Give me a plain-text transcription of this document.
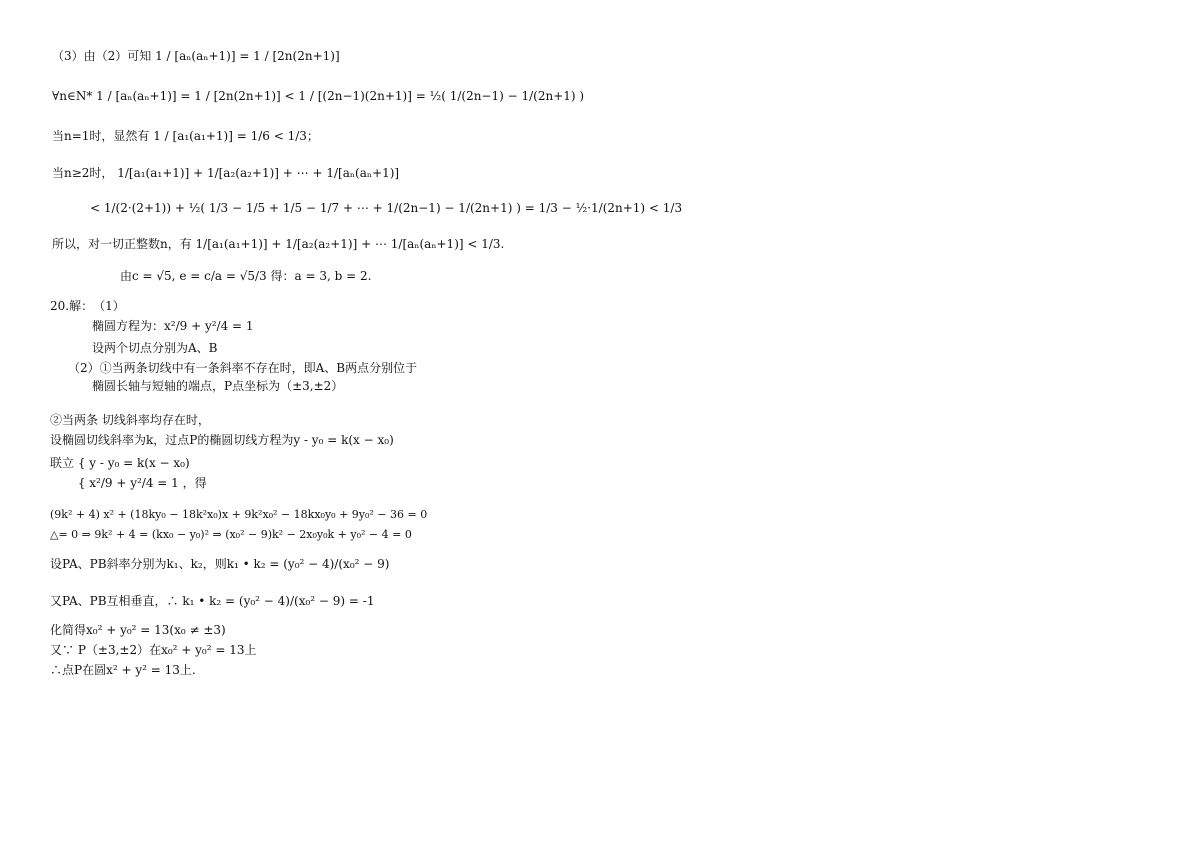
（3）由（2）可知 1 / [aₙ(aₙ+1)] = 1 / [2n(2n+1)]
∀n∈N* 1 / [aₙ(aₙ+1)] = 1 / [2n(2n+1)] < 1 / [(2n−1)(2n+1)] = ½( 1/(2n−1) − 1/(2n+1) )
当n=1时，显然有 1 / [a₁(a₁+1)] = 1/6 < 1/3；
当n≥2时， 1/[a₁(a₁+1)] + 1/[a₂(a₂+1)] + ⋯ + 1/[aₙ(aₙ+1)]
< 1/(2·(2+1)) + ½( 1/3 − 1/5 + 1/5 − 1/7 + ⋯ + 1/(2n−1) − 1/(2n+1) ) = 1/3 − ½·1/(2n+1) < 1/3
所以，对一切正整数n，有 1/[a₁(a₁+1)] + 1/[a₂(a₂+1)] + ⋯ 1/[aₙ(aₙ+1)] < 1/3.
由c = √5, e = c/a = √5/3 得：a = 3, b = 2.
20.解：　（1）
椭圆方程为：x²/9 + y²/4 = 1
设两个切点分别为A、B
（2）①当两条切线中有一条斜率不存在时，即A、B两点分别位于
椭圆长轴与短轴的端点，P点坐标为（±3,±2）
②当两条 切线斜率均存在时，
设椭圆切线斜率为k，过点P的椭圆切线方程为y - y₀ = k(x − x₀)
联立 { y - y₀ = k(x − x₀)
　　 { x²/9 + y²/4 = 1 ，得
(9k² + 4) x² + (18ky₀ − 18k²x₀)x + 9k²x₀² − 18kx₀y₀ + 9y₀² − 36 = 0
△= 0 ⇒ 9k² + 4 = (kx₀ − y₀)² ⇒ (x₀² − 9)k² − 2x₀y₀k + y₀² − 4 = 0
设PA、PB斜率分别为k₁、k₂，则k₁ • k₂ = (y₀² − 4)/(x₀² − 9)
又PA、PB互相垂直，∴ k₁ • k₂ = (y₀² − 4)/(x₀² − 9) = -1
化简得x₀² + y₀² = 13(x₀ ≠ ±3)
又∵ P（±3,±2）在x₀² + y₀² = 13上
∴点P在圆x² + y² = 13上.
